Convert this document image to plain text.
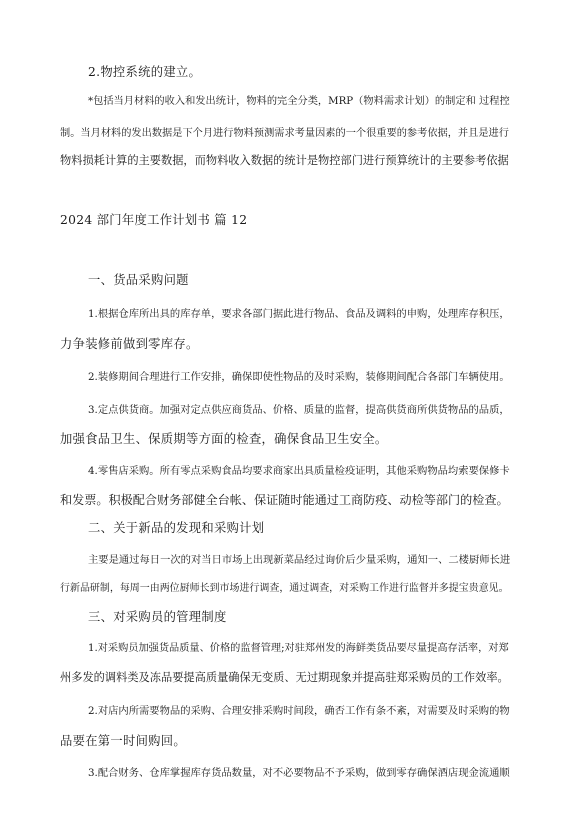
2.物控系统的建立。
*包括当月材料的收入和发出统计，物料的完全分类，MRP（物料需求计划）的制定和 过程控
制。当月材料的发出数据是下个月进行物料预测需求考量因素的一个很重要的参考依据，并且是进行
物料损耗计算的主要数据，而物料收入数据的统计是物控部门进行预算统计的主要参考依据
2024 部门年度工作计划书 篇 12
一、货品采购问题
1.根据仓库所出具的库存单，要求各部门据此进行物品、食品及调料的申购，处理库存积压，
力争装修前做到零库存。
2.装修期间合理进行工作安排，确保即使性物品的及时采购，装修期间配合各部门车辆使用。
3.定点供货商。加强对定点供应商货品、价格、质量的监督，提高供货商所供货物品的品质，
加强食品卫生、保质期等方面的检查，确保食品卫生安全。
4.零售店采购。所有零点采购食品均要求商家出具质量检疫证明，其他采购物品均索要保修卡
和发票。积极配合财务部健全台帐、保证随时能通过工商防疫、动检等部门的检查。
二、关于新品的发现和采购计划
主要是通过每日一次的对当日市场上出现新菜品经过询价后少量采购，通知一、二楼厨师长进
行新品研制，每周一由两位厨师长到市场进行调查，通过调查，对采购工作进行监督并多提宝贵意见。
三、对采购员的管理制度
1.对采购员加强货品质量、价格的监督管理;对驻郑州发的海鲜类货品要尽量提高存活率，对郑
州多发的调料类及冻品要提高质量确保无变质、无过期现象并提高驻郑采购员的工作效率。
2.对店内所需要物品的采购、合理安排采购时间段，确否工作有条不紊，对需要及时采购的物
品要在第一时间购回。
3.配合财务、仓库掌握库存货品数量，对不必要物品不予采购，做到零存确保酒店现金流通顺
